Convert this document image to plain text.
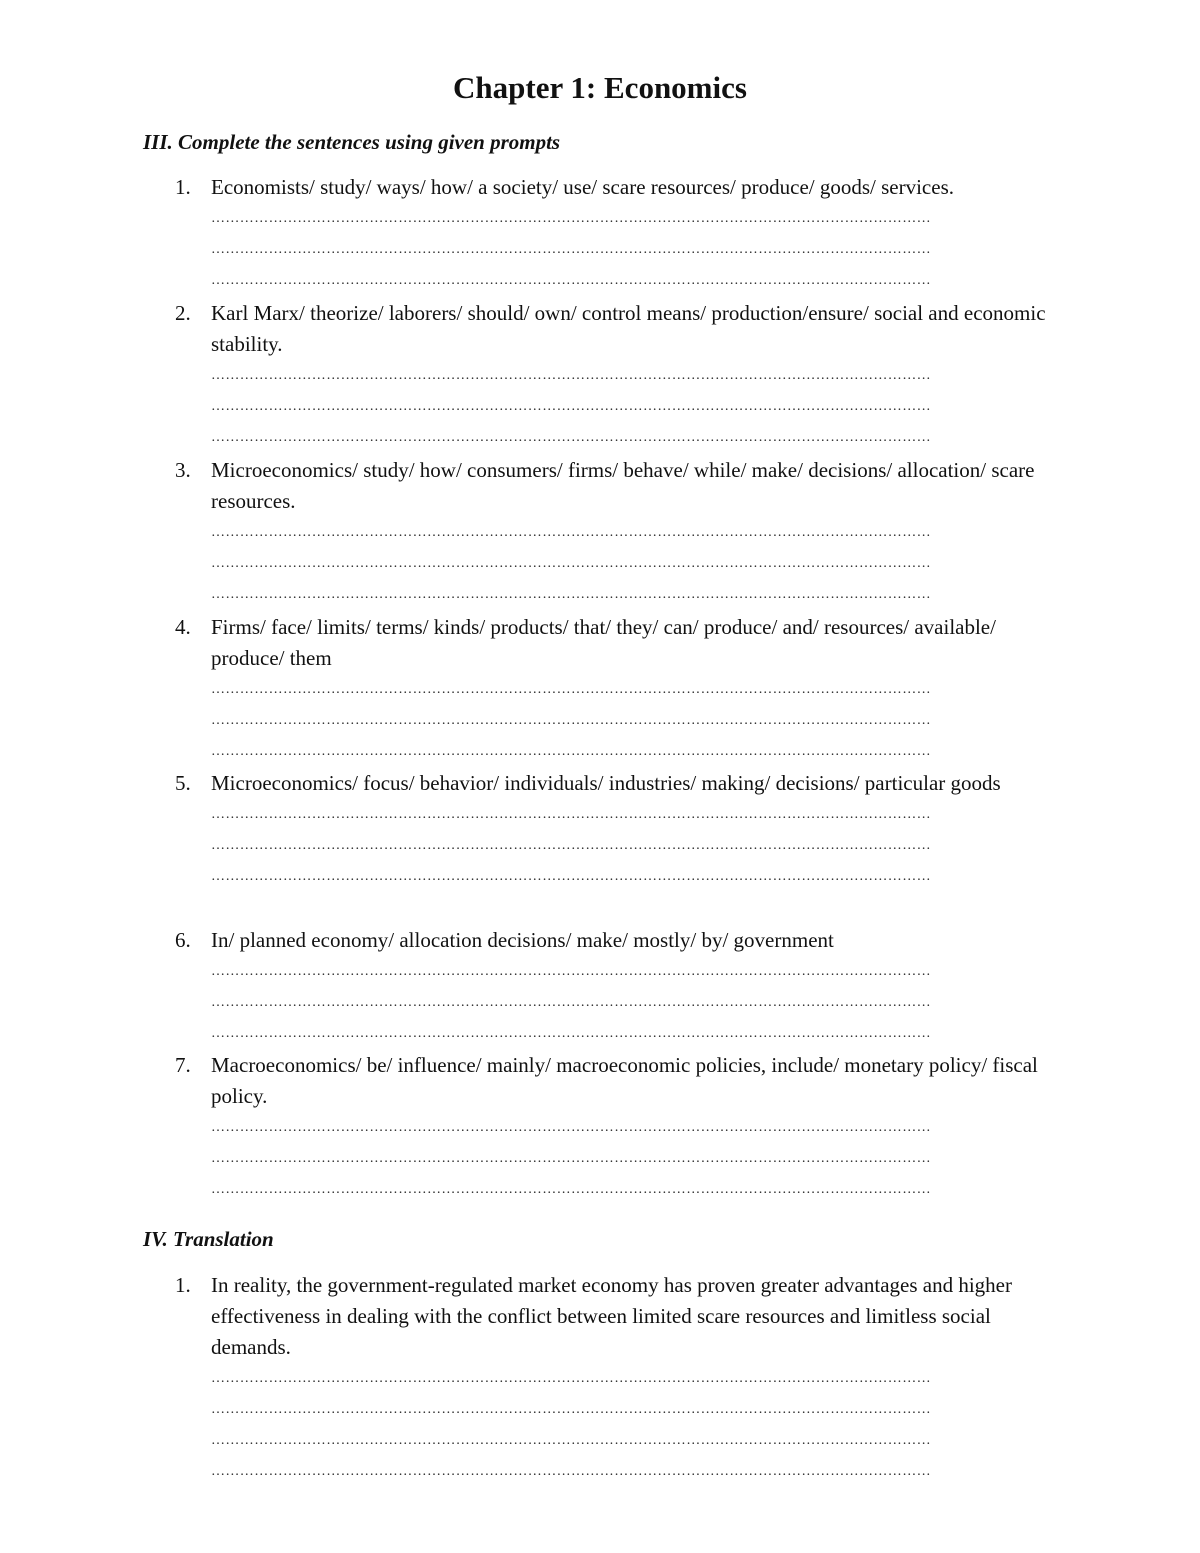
Chapter 1: Economics
III. Complete the sentences using given prompts
1. Economists/ study/ ways/ how/ a society/ use/ scare resources/ produce/ goods/ services.
……………………………………………………………………………………………………………………………………
……………………………………………………………………………………………………………………………………
……………………………………………………………………………………………………………………………………
2. Karl Marx/ theorize/ laborers/ should/ own/ control means/ production/ensure/ social and economic stability.
……………………………………………………………………………………………………………………………………
……………………………………………………………………………………………………………………………………
……………………………………………………………………………………………………………………………………
3. Microeconomics/ study/ how/ consumers/ firms/ behave/ while/ make/ decisions/ allocation/ scare resources.
……………………………………………………………………………………………………………………………………
……………………………………………………………………………………………………………………………………
……………………………………………………………………………………………………………………………………
4. Firms/ face/ limits/ terms/ kinds/ products/ that/ they/ can/ produce/ and/ resources/ available/ produce/ them
……………………………………………………………………………………………………………………………………
……………………………………………………………………………………………………………………………………
……………………………………………………………………………………………………………………………………
5. Microeconomics/ focus/ behavior/ individuals/ industries/ making/ decisions/ particular goods
……………………………………………………………………………………………………………………………………
……………………………………………………………………………………………………………………………………
……………………………………………………………………………………………………………………………………
6. In/ planned economy/ allocation decisions/ make/ mostly/ by/ government
……………………………………………………………………………………………………………………………………
……………………………………………………………………………………………………………………………………
……………………………………………………………………………………………………………………………………
7. Macroeconomics/ be/ influence/ mainly/ macroeconomic policies, include/ monetary policy/ fiscal policy.
……………………………………………………………………………………………………………………………………
……………………………………………………………………………………………………………………………………
……………………………………………………………………………………………………………………………………
IV. Translation
1. In reality, the government-regulated market economy has proven greater advantages and higher effectiveness in dealing with the conflict between limited scare resources and limitless social demands.
……………………………………………………………………………………………………………………………………
……………………………………………………………………………………………………………………………………
……………………………………………………………………………………………………………………………………
……………………………………………………………………………………………………………………………………
